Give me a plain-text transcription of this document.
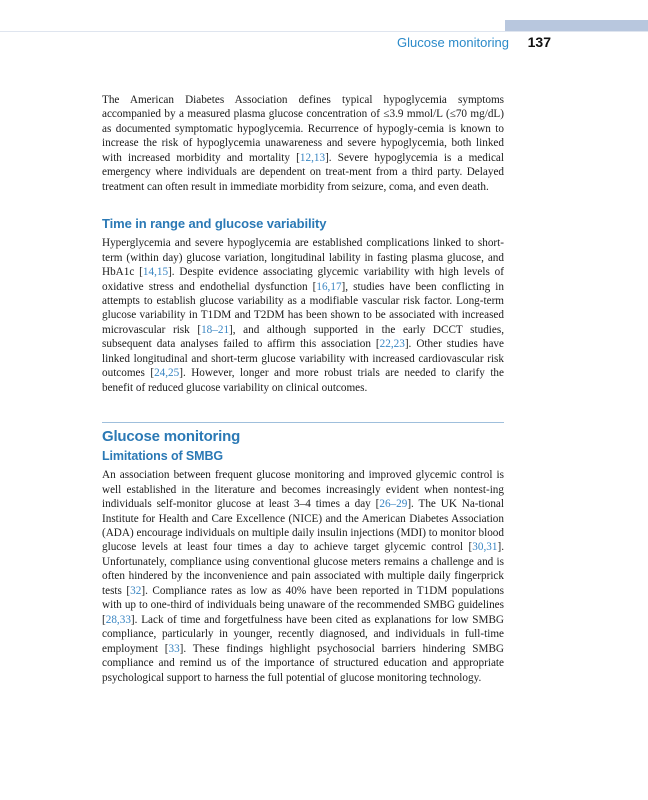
Glucose monitoring 137

The American Diabetes Association defines typical hypoglycemia symptoms accompanied by a measured plasma glucose concentration of ≤3.9 mmol/L (≤70 mg/dL) as documented symptomatic hypoglycemia. Recurrence of hypogly-cemia is known to increase the risk of hypoglycemia unawareness and severe hypoglycemia, both linked with increased morbidity and mortality [12,13]. Severe hypoglycemia is a medical emergency where individuals are dependent on treat-ment from a third party. Delayed treatment can often result in immediate morbidity from seizure, coma, and even death.

Time in range and glucose variability

Hyperglycemia and severe hypoglycemia are established complications linked to short-term (within day) glucose variation, longitudinal lability in fasting plasma glucose, and HbA1c [14,15]. Despite evidence associating glycemic variability with high levels of oxidative stress and endothelial dysfunction [16,17], studies have been conflicting in attempts to establish glucose variability as a modifiable vascular risk factor. Long-term glucose variability in T1DM and T2DM has been shown to be associated with increased microvascular risk [18–21], and although supported in the early DCCT studies, subsequent data analyses failed to affirm this association [22,23]. Other studies have linked longitudinal and short-term glucose variability with increased cardiovascular risk outcomes [24,25]. However, longer and more robust trials are needed to clarify the benefit of reduced glucose variability on clinical outcomes.

Glucose monitoring
Limitations of SMBG

An association between frequent glucose monitoring and improved glycemic control is well established in the literature and becomes increasingly evident when nontest-ing individuals self-monitor glucose at least 3–4 times a day [26–29]. The UK Na-tional Institute for Health and Care Excellence (NICE) and the American Diabetes Association (ADA) encourage individuals on multiple daily insulin injections (MDI) to monitor blood glucose levels at least four times a day to achieve target glycemic control [30,31]. Unfortunately, compliance using conventional glucose meters remains a challenge and is often hindered by the inconvenience and pain associated with multiple daily fingerprick tests [32]. Compliance rates as low as 40% have been reported in T1DM populations with up to one-third of individuals being unaware of the recommended SMBG guidelines [28,33]. Lack of time and forgetfulness have been cited as explanations for low SMBG compliance, particularly in younger, recently diagnosed, and individuals in full-time employment [33]. These findings highlight psychosocial barriers hindering SMBG compliance and remind us of the importance of structured education and appropriate psychological support to harness the full potential of glucose monitoring technology.
